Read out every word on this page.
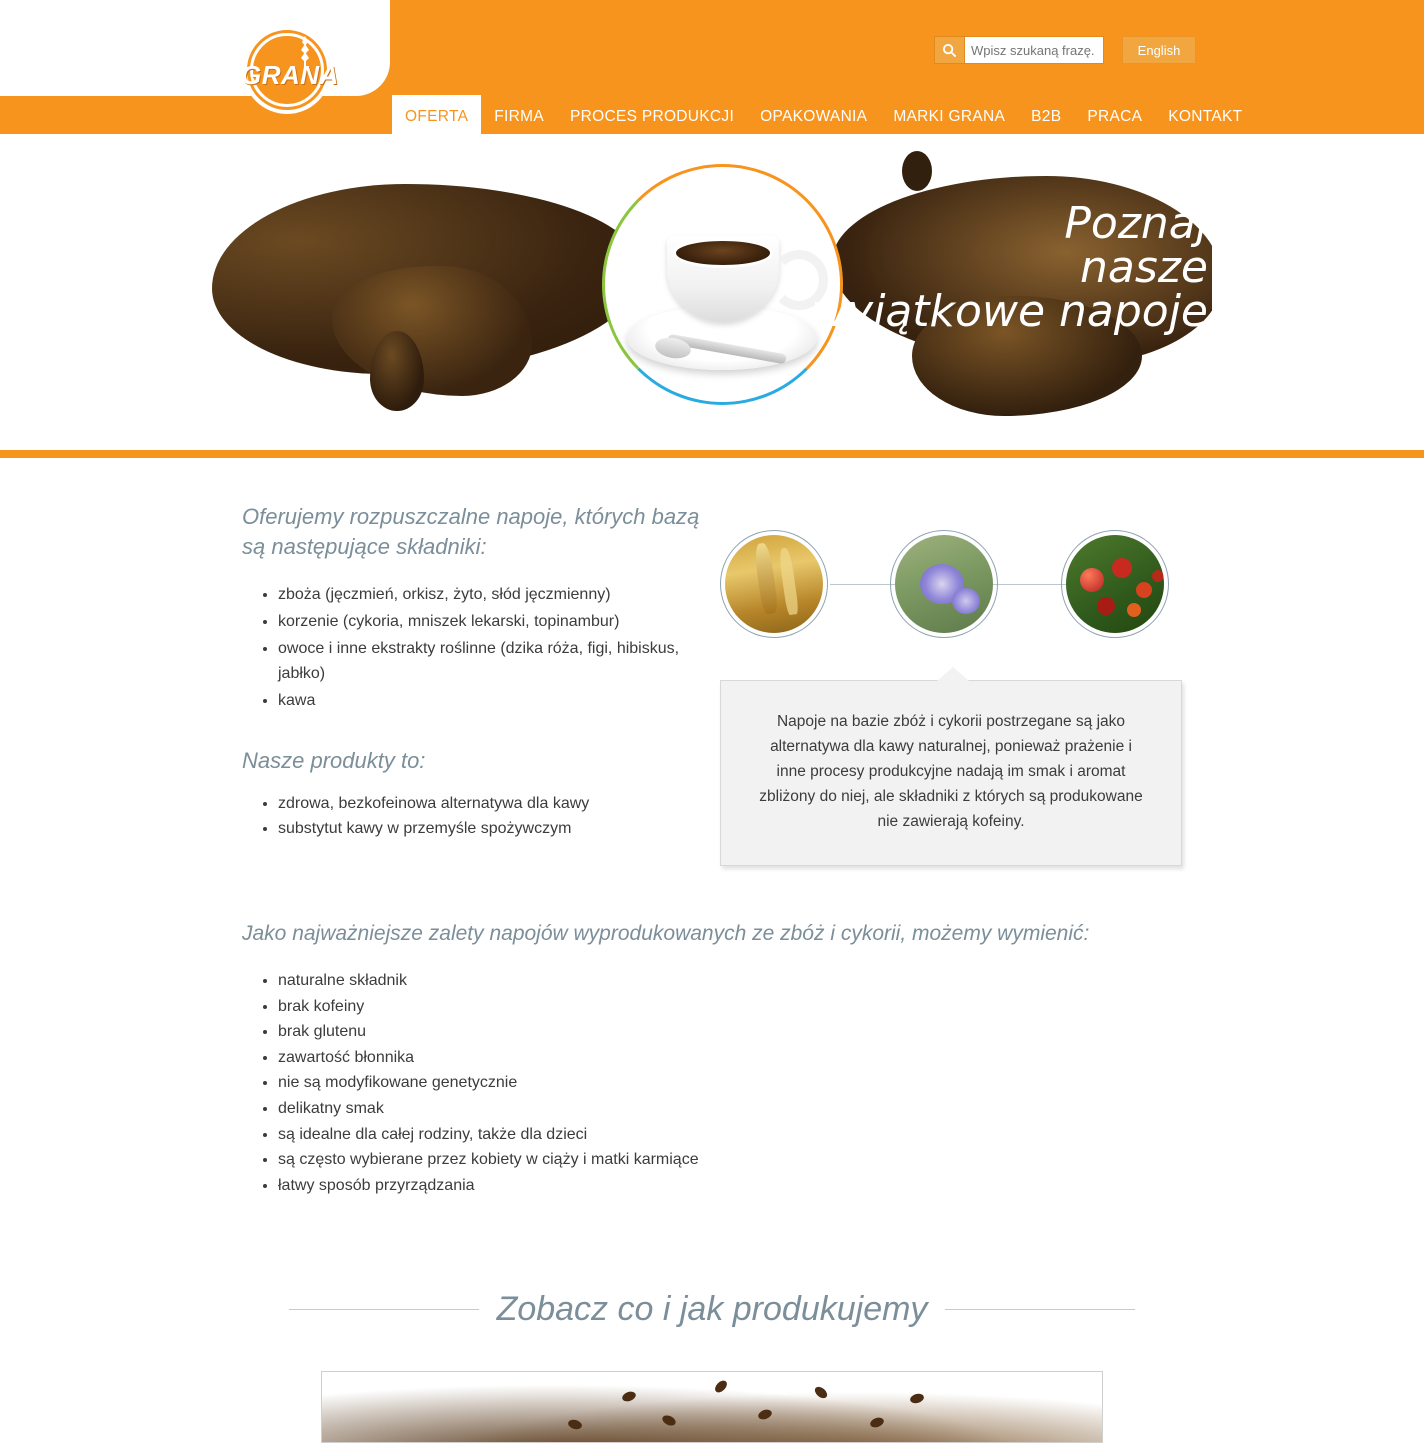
GRANA	®
Wpisz szukaną frazę.
English
OFERTA	FIRMA	PROCES PRODUKCJI	OPAKOWANIA	MARKI GRANA	B2B	PRACA	KONTAKT
Poznaj
nasze
wyjątkowe napoje
Oferujemy rozpuszczalne napoje, których bazą są następujące składniki:
• zboża (jęczmień, orkisz, żyto, słód jęczmienny)
• korzenie (cykoria, mniszek lekarski, topinambur)
• owoce i inne ekstrakty roślinne (dzika róża, figi, hibiskus, jabłko)
• kawa
Nasze produkty to:
• zdrowa, bezkofeinowa alternatywa dla kawy
• substytut kawy w przemyśle spożywczym
Napoje na bazie zbóż i cykorii postrzegane są jako alternatywa dla kawy naturalnej, ponieważ prażenie i inne procesy produkcyjne nadają im smak i aromat zbliżony do niej, ale składniki z których są produkowane nie zawierają kofeiny.
Jako najważniejsze zalety napojów wyprodukowanych ze zbóż i cykorii, możemy wymienić:
• naturalne składnik
• brak kofeiny
• brak glutenu
• zawartość błonnika
• nie są modyfikowane genetycznie
• delikatny smak
• są idealne dla całej rodziny, także dla dzieci
• są często wybierane przez kobiety w ciąży i matki karmiące
• łatwy sposób przyrządzania
Zobacz co i jak produkujemy
